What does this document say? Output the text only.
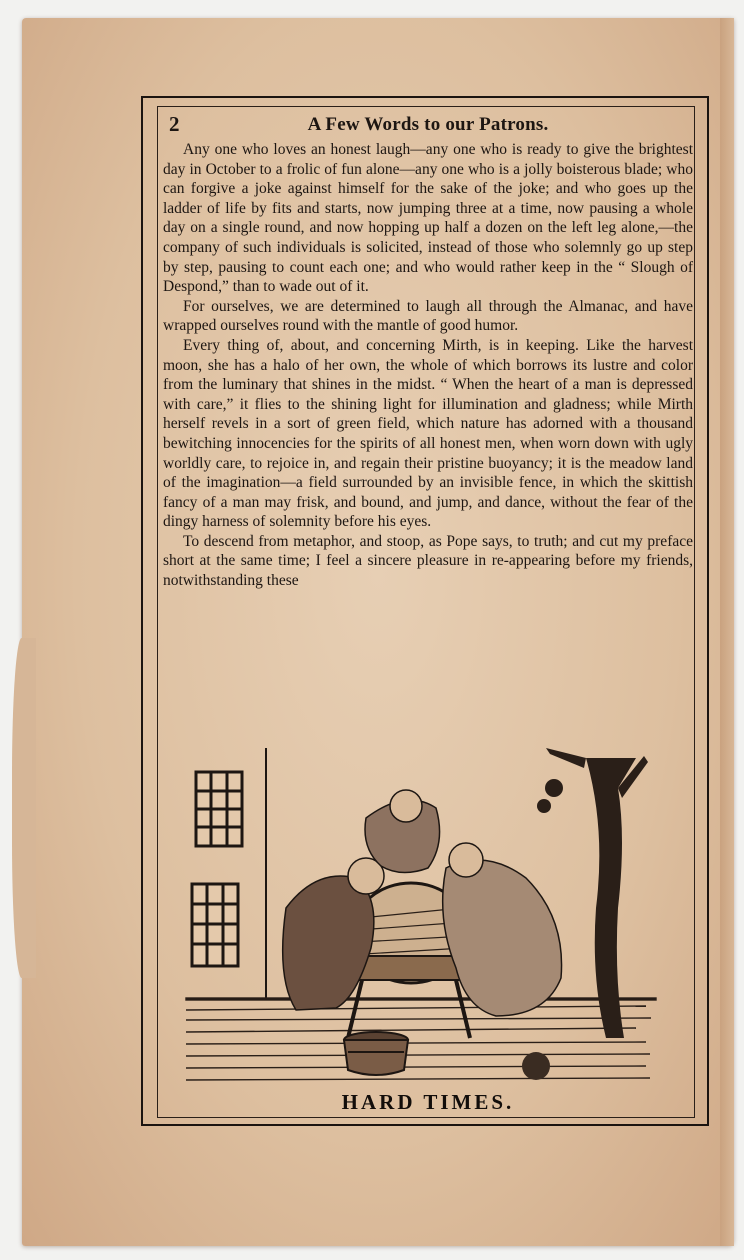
2	A Few Words to our Patrons.

Any one who loves an honest laugh—any one who is ready to give the brightest day in October to a frolic of fun alone—any one who is a jolly boisterous blade; who can forgive a joke against himself for the sake of the joke; and who goes up the ladder of life by fits and starts, now jumping three at a time, now pausing a whole day on a single round, and now hopping up half a dozen on the left leg alone,—the company of such individuals is solicited, instead of those who solemnly go up step by step, pausing to count each one; and who would rather keep in the “ Slough of Despond,” than to wade out of it.

For ourselves, we are determined to laugh all through the Almanac, and have wrapped ourselves round with the mantle of good humor.

Every thing of, about, and concerning Mirth, is in keeping. Like the harvest moon, she has a halo of her own, the whole of which borrows its lustre and color from the luminary that shines in the midst. “ When the heart of a man is depressed with care,” it flies to the shining light for illumination and gladness; while Mirth herself revels in a sort of green field, which nature has adorned with a thousand bewitching innocencies for the spirits of all honest men, when worn down with ugly worldly care, to rejoice in, and regain their pristine buoyancy; it is the meadow land of the imagination—a field surrounded by an invisible fence, in which the skittish fancy of a man may frisk, and bound, and jump, and dance, without the fear of the dingy harness of solemnity before his eyes.

To descend from metaphor, and stoop, as Pope says, to truth; and cut my preface short at the same time; I feel a sincere pleasure in re-appearing before my friends, notwithstanding these

HARD TIMES.
